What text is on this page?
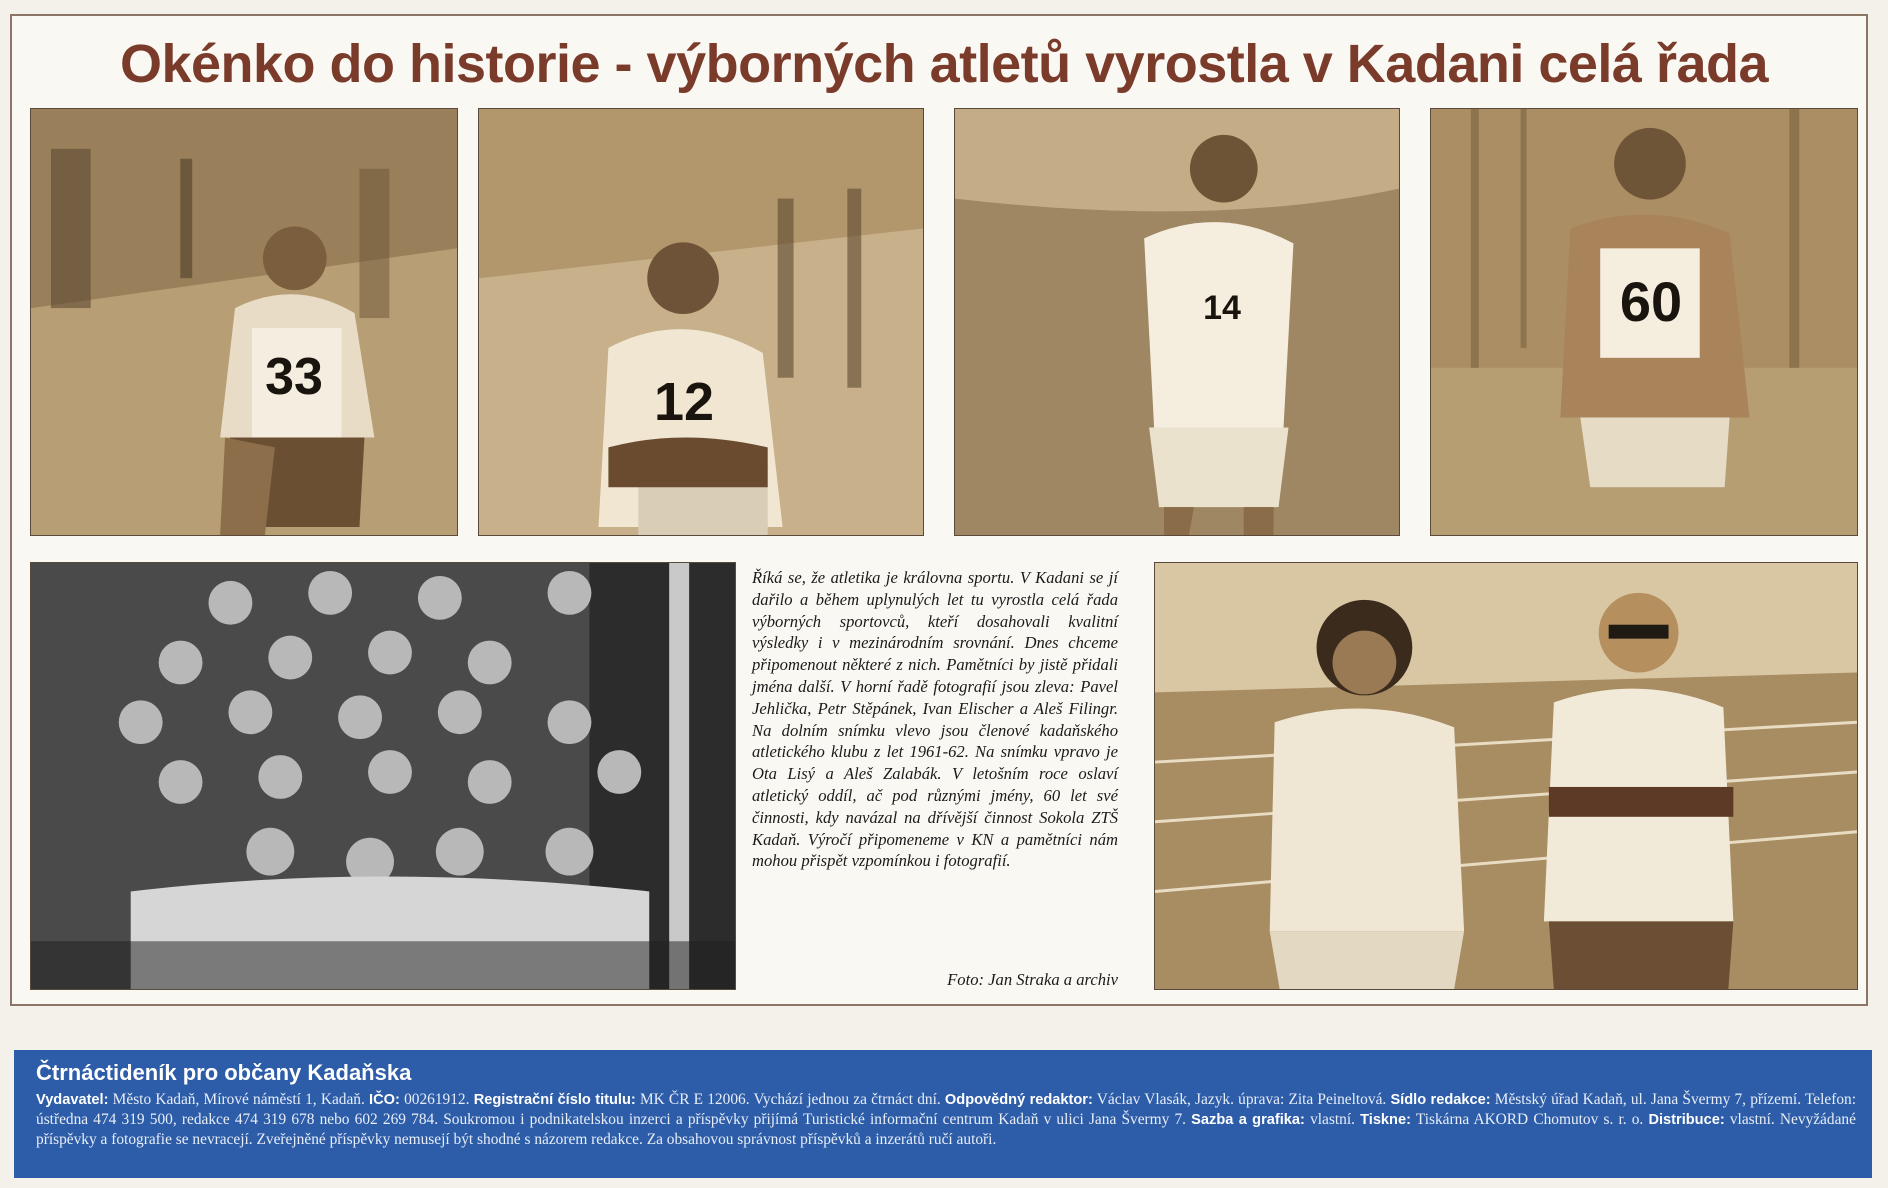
Okénko do historie - výborných atletů vyrostla v Kadani celá řada
33	12
14	60

Říká se, že atletika je královna sportu. V Kadani se jí dařilo a během uplynulých let tu vyrostla celá řada výborných sportovců, kteří dosahovali kvalitní výsledky i v mezinárodním srovnání. Dnes chceme připomenout některé z nich. Pamětníci by jistě přidali jména další. V horní řadě fotografií jsou zleva: Pavel Jehlička, Petr Stěpánek, Ivan Elischer a Aleš Filingr. Na dolním snímku vlevo jsou členové kadaňského atletického klubu z let 1961-62. Na snímku vpravo je Ota Lisý a Aleš Zalabák. V letošním roce oslaví atletický oddíl, ač pod různými jmény, 60 let své činnosti, kdy navázal na dřívější činnost Sokola ZTŠ Kadaň. Výročí připomeneme v KN a pamětníci nám mohou přispět vzpomínkou i fotografií.

Foto: Jan Straka a archiv

Čtrnáctideník pro občany Kadaňska

Vydavatel: Město Kadaň, Mírové náměstí 1, Kadaň. IČO: 00261912. Registrační číslo titulu: MK ČR E 12006. Vychází jednou za čtrnáct dní. Odpovědný redaktor: Václav Vlasák, Jazyk. úprava: Zita Peineltová. Sídlo redakce: Městský úřad Kadaň, ul. Jana Švermy 7, přízemí. Telefon: ústředna 474 319 500, redakce 474 319 678 nebo 602 269 784. Soukromou i podnikatelskou inzerci a příspěvky přijímá Turistické informační centrum Kadaň v ulici Jana Švermy 7. Sazba a grafika: vlastní. Tiskne: Tiskárna AKORD Chomutov s. r. o. Distribuce: vlastní. Nevyžádané příspěvky a fotografie se nevracejí. Zveřejněné příspěvky nemusejí být shodné s názorem redakce. Za obsahovou správnost příspěvků a inzerátů ručí autoři.
